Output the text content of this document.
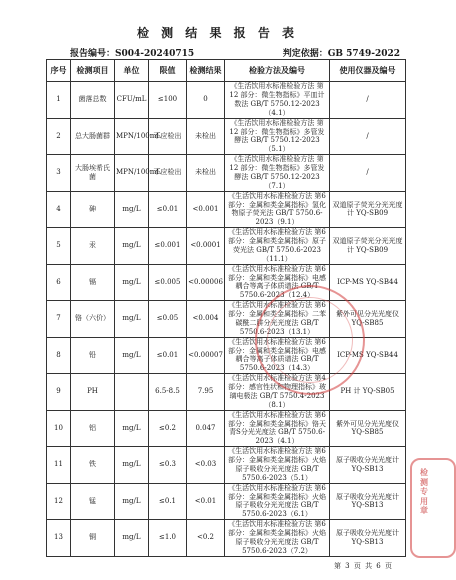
检 测 结 果 报 告 表
报告编号：S004-20240715	判定依据：GB 5749-2022
序号	检测项目	单位	限值	检测结果	检验方法及编号	使用仪器及编号
1	菌落总数	CFU/mL	≤100	0	《生活饮用水标准检验方法 第 12 部分：微生物指标》平皿计数法 GB/T 5750.12-2023（4.1）	/
2	总大肠菌群	MPN/100mL	不应检出	未检出	《生活饮用水标准检验方法 第 12 部分：微生物指标》多管发酵法 GB/T 5750.12-2023（5.1）	/
3	大肠埃希氏菌	MPN/100mL	不应检出	未检出	《生活饮用水标准检验方法 第 12 部分：微生物指标》多管发酵法 GB/T 5750.12-2023（7.1）	/
4	砷	mg/L	≤0.01	<0.001	《生活饮用水标准检验方法 第6部分：金属和类金属指标》氢化物原子荧光法 GB/T 5750.6-2023（9.1）	双道原子荧光分光光度计 YQ-SB09
5	汞	mg/L	≤0.001	<0.0001	《生活饮用水标准检验方法 第6部分：金属和类金属指标》原子荧光法 GB/T 5750.6-2023（11.1）	双道原子荧光分光光度计 YQ-SB09
6	镉	mg/L	≤0.005	<0.00006	《生活饮用水标准检验方法 第6部分：金属和类金属指标》电感耦合等离子体质谱法 GB/T 5750.6-2023（12.4）	ICP-MS YQ-SB44
7	铬（六价）	mg/L	≤0.05	<0.004	《生活饮用水标准检验方法 第6部分：金属和类金属指标》二苯碳酰二肼分光光度法 GB/T 5750.6-2023（13.1）	紫外可见分光光度仪 YQ-SB85
8	铅	mg/L	≤0.01	<0.00007	《生活饮用水标准检验方法 第6部分：金属和类金属指标》电感耦合等离子体质谱法 GB/T 5750.6-2023（14.3）	ICP-MS YQ-SB44
9	PH		6.5-8.5	7.95	《生活饮用水标准检验方法 第4部分：感官性状和物理指标》玻璃电极法 GB/T 5750.4-2023（8.1）	PH 计 YQ-SB05
10	铝	mg/L	≤0.2	0.047	《生活饮用水标准检验方法 第6部分：金属和类金属指标》铬天青S分光光度法 GB/T 5750.6-2023（4.1）	紫外可见分光光度仪 YQ-SB85
11	铁	mg/L	≤0.3	<0.03	《生活饮用水标准检验方法 第6部分：金属和类金属指标》火焰原子吸收分光光度法 GB/T 5750.6-2023（5.1）	原子吸收分光光度计 YQ-SB13
12	锰	mg/L	≤0.1	<0.01	《生活饮用水标准检验方法 第6部分：金属和类金属指标》火焰原子吸收分光光度法 GB/T 5750.6-2023（6.1）	原子吸收分光光度计 YQ-SB13
13	铜	mg/L	≤1.0	<0.2	《生活饮用水标准检验方法 第6部分：金属和类金属指标》火焰原子吸收分光光度法 GB/T 5750.6-2023（7.2）	原子吸收分光光度计 YQ-SB13
检测专用章
第 3 页 共 6 页
